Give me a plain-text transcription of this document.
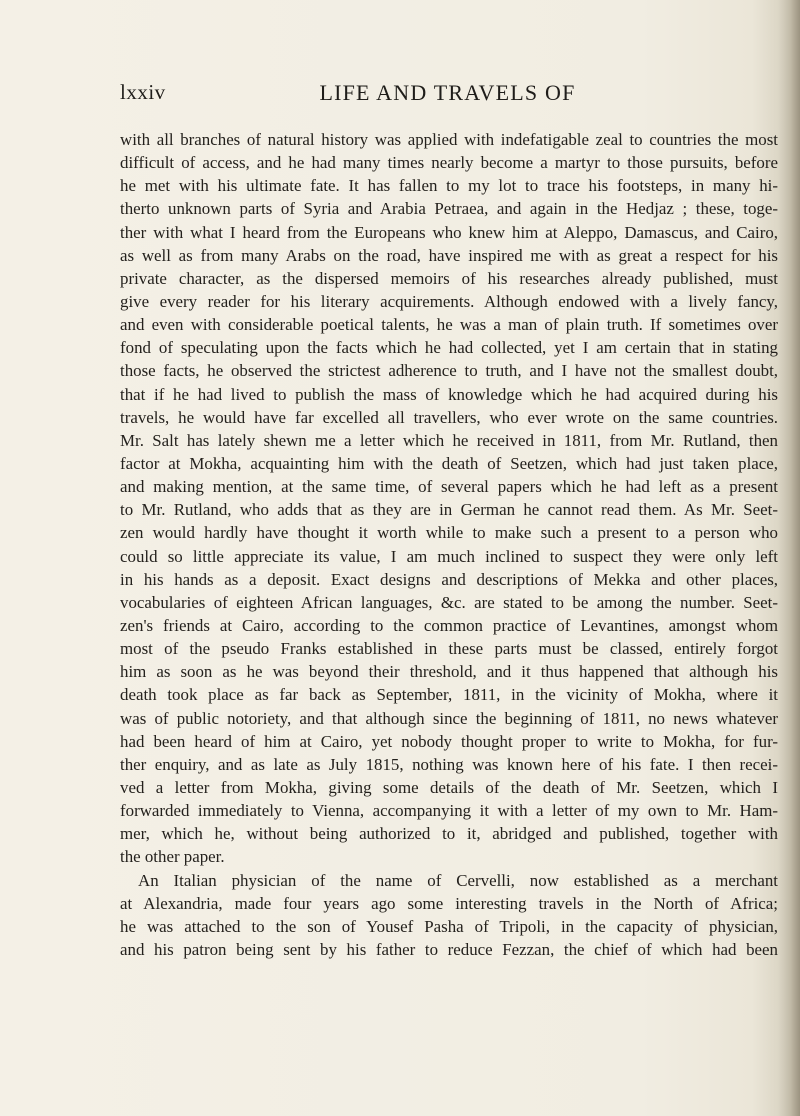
lxxiv	LIFE AND TRAVELS OF
with all branches of natural history was applied with indefatigable zeal to countries the most
difficult of access, and he had many times nearly become a martyr to those pursuits, before
he met with his ultimate fate. It has fallen to my lot to trace his footsteps, in many hi-
therto unknown parts of Syria and Arabia Petraea, and again in the Hedjaz ; these, toge-
ther with what I heard from the Europeans who knew him at Aleppo, Damascus, and Cairo,
as well as from many Arabs on the road, have inspired me with as great a respect for his
private character, as the dispersed memoirs of his researches already published, must
give every reader for his literary acquirements. Although endowed with a lively fancy,
and even with considerable poetical talents, he was a man of plain truth. If sometimes over
fond of speculating upon the facts which he had collected, yet I am certain that in stating
those facts, he observed the strictest adherence to truth, and I have not the smallest doubt,
that if he had lived to publish the mass of knowledge which he had acquired during his
travels, he would have far excelled all travellers, who ever wrote on the same countries.
Mr. Salt has lately shewn me a letter which he received in 1811, from Mr. Rutland, then
factor at Mokha, acquainting him with the death of Seetzen, which had just taken place,
and making mention, at the same time, of several papers which he had left as a present
to Mr. Rutland, who adds that as they are in German he cannot read them. As Mr. Seet-
zen would hardly have thought it worth while to make such a present to a person who
could so little appreciate its value, I am much inclined to suspect they were only left
in his hands as a deposit. Exact designs and descriptions of Mekka and other places,
vocabularies of eighteen African languages, &c. are stated to be among the number. Seet-
zen's friends at Cairo, according to the common practice of Levantines, amongst whom
most of the pseudo Franks established in these parts must be classed, entirely forgot
him as soon as he was beyond their threshold, and it thus happened that although his
death took place as far back as September, 1811, in the vicinity of Mokha, where it
was of public notoriety, and that although since the beginning of 1811, no news whatever
had been heard of him at Cairo, yet nobody thought proper to write to Mokha, for fur-
ther enquiry, and as late as July 1815, nothing was known here of his fate. I then recei-
ved a letter from Mokha, giving some details of the death of Mr. Seetzen, which I
forwarded immediately to Vienna, accompanying it with a letter of my own to Mr. Ham-
mer, which he, without being authorized to it, abridged and published, together with
the other paper.
An Italian physician of the name of Cervelli, now established as a merchant
at Alexandria, made four years ago some interesting travels in the North of Africa;
he was attached to the son of Yousef Pasha of Tripoli, in the capacity of physician,
and his patron being sent by his father to reduce Fezzan, the chief of which had been
